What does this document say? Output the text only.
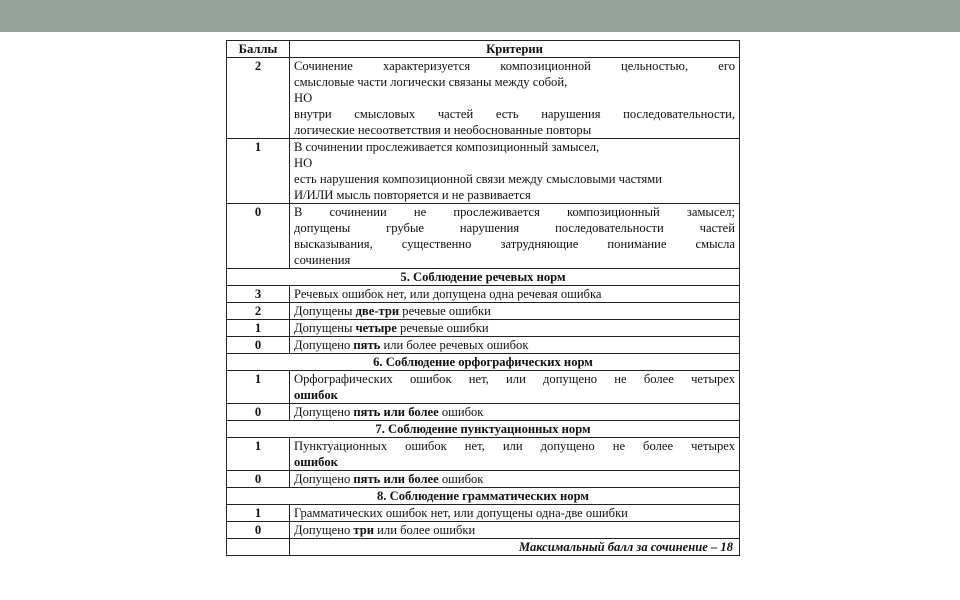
Баллы	Критерии
2	Сочинение характеризуется композиционной цельностью, его
смысловые части логически связаны между собой,
НО
внутри смысловых частей есть нарушения последовательности,
логические несоответствия и необоснованные повторы

1	В сочинении прослеживается композиционный замысел,
НО
есть нарушения композиционной связи между смысловыми частями
И/ИЛИ мысль повторяется и не развивается

0	В сочинении не прослеживается композиционный замысел;
допущены грубые нарушения последовательности частей
высказывания, существенно затрудняющие понимание смысла
сочинения

5. Соблюдение речевых норм	
3	Речевых ошибок нет, или допущена одна речевая ошибка
2	Допущены две-три речевые ошибки
1	Допущены четыре речевые ошибки
0	Допущено пять или более речевых ошибок
6. Соблюдение орфографических норм	
1	Орфографических ошибок нет, или допущено не более четырех
ошибок

0	Допущено пять или более ошибок
7. Соблюдение пунктуационных норм	
1	Пунктуационных ошибок нет, или допущено не более четырех
ошибок

0	Допущено пять или более ошибок
8. Соблюдение грамматических норм	
1	Грамматических ошибок нет, или допущены одна-две ошибки
0	Допущено три или более ошибки
	Максимальный балл за сочинение – 18
